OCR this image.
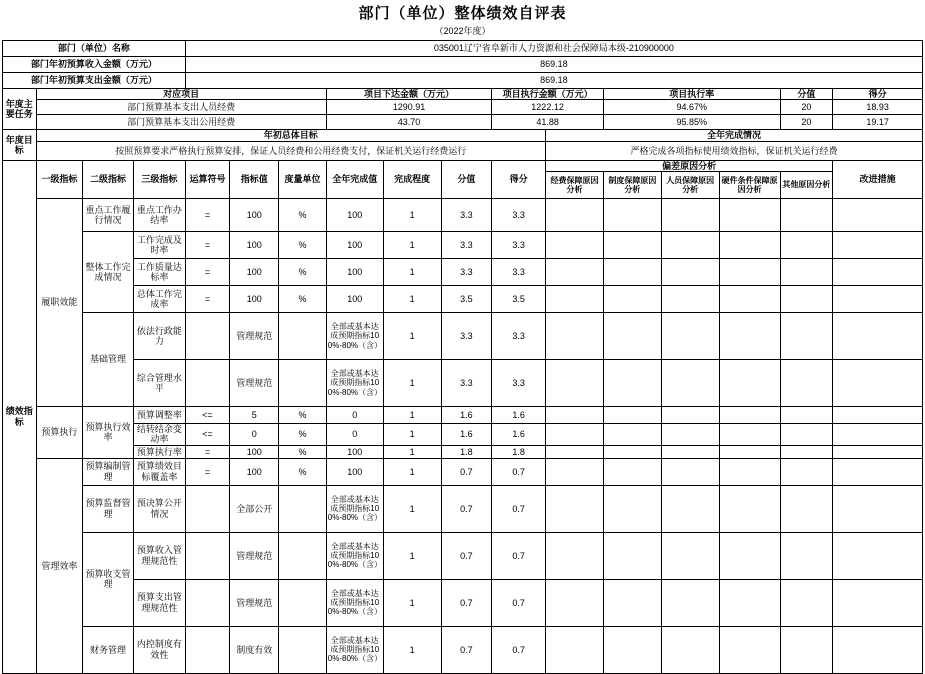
部门（单位）整体绩效自评表
（2022年度）
部门（单位）名称				035001辽宁省阜新市人力资源和社会保障局本级-210900000												
部门年初预算收入金额（万元）				869.18												
部门年初预算支出金额（万元）				869.18												
年度主要任务	对应项目						项目下达金额（万元）			项目执行金额（万元）		项目执行率			分值	得分
	部门预算基本支出人员经费						1290.91			1222.12		94.67%			20	18.93
	部门预算基本支出公用经费						43.70			41.88		95.85%			20	19.17
年度目标	年初总体目标										全年完成情况					
	按照预算要求严格执行预算安排，保证人员经费和公用经费支付，保证机关运行经费运行										严格完成各项指标使用绩效指标，保证机关运行经费					
绩效指标	一级指标	二级指标	三级指标	运算符号	指标值	度量单位	全年完成值	完成程度	分值	得分	偏差原因分析					改进措施
											经费保障原因分析	制度保障原因分析	人员保障原因分析	硬件条件保障原因分析	其他原因分析	
	履职效能	重点工作履行情况	重点工作办结率	=	100	%	100	1	3.3	3.3						
		整体工作完成情况	工作完成及时率	=	100	%	100	1	3.3	3.3						
			工作质量达标率	=	100	%	100	1	3.3	3.3						
			总体工作完成率	=	100	%	100	1	3.5	3.5						
		基础管理	依法行政能力		管理规范		全部或基本达成预期指标100%-80%（含）	1	3.3	3.3						
			综合管理水平		管理规范		全部或基本达成预期指标100%-80%（含）	1	3.3	3.3						
	预算执行	预算执行效率	预算调整率	<=	5	%	0	1	1.6	1.6						
			结转结余变动率	<=	0	%	0	1	1.6	1.6						
			预算执行率	=	100	%	100	1	1.8	1.8						
	管理效率	预算编制管理	预算绩效目标覆盖率	=	100	%	100	1	0.7	0.7						
		预算监督管理	预决算公开情况		全部公开		全部或基本达成预期指标100%-80%（含）	1	0.7	0.7						
		预算收支管理	预算收入管理规范性		管理规范		全部或基本达成预期指标100%-80%（含）	1	0.7	0.7						
			预算支出管理规范性		管理规范		全部或基本达成预期指标100%-80%（含）	1	0.7	0.7						
		财务管理	内控制度有效性		制度有效		全部或基本达成预期指标100%-80%（含）	1	0.7	0.7						
